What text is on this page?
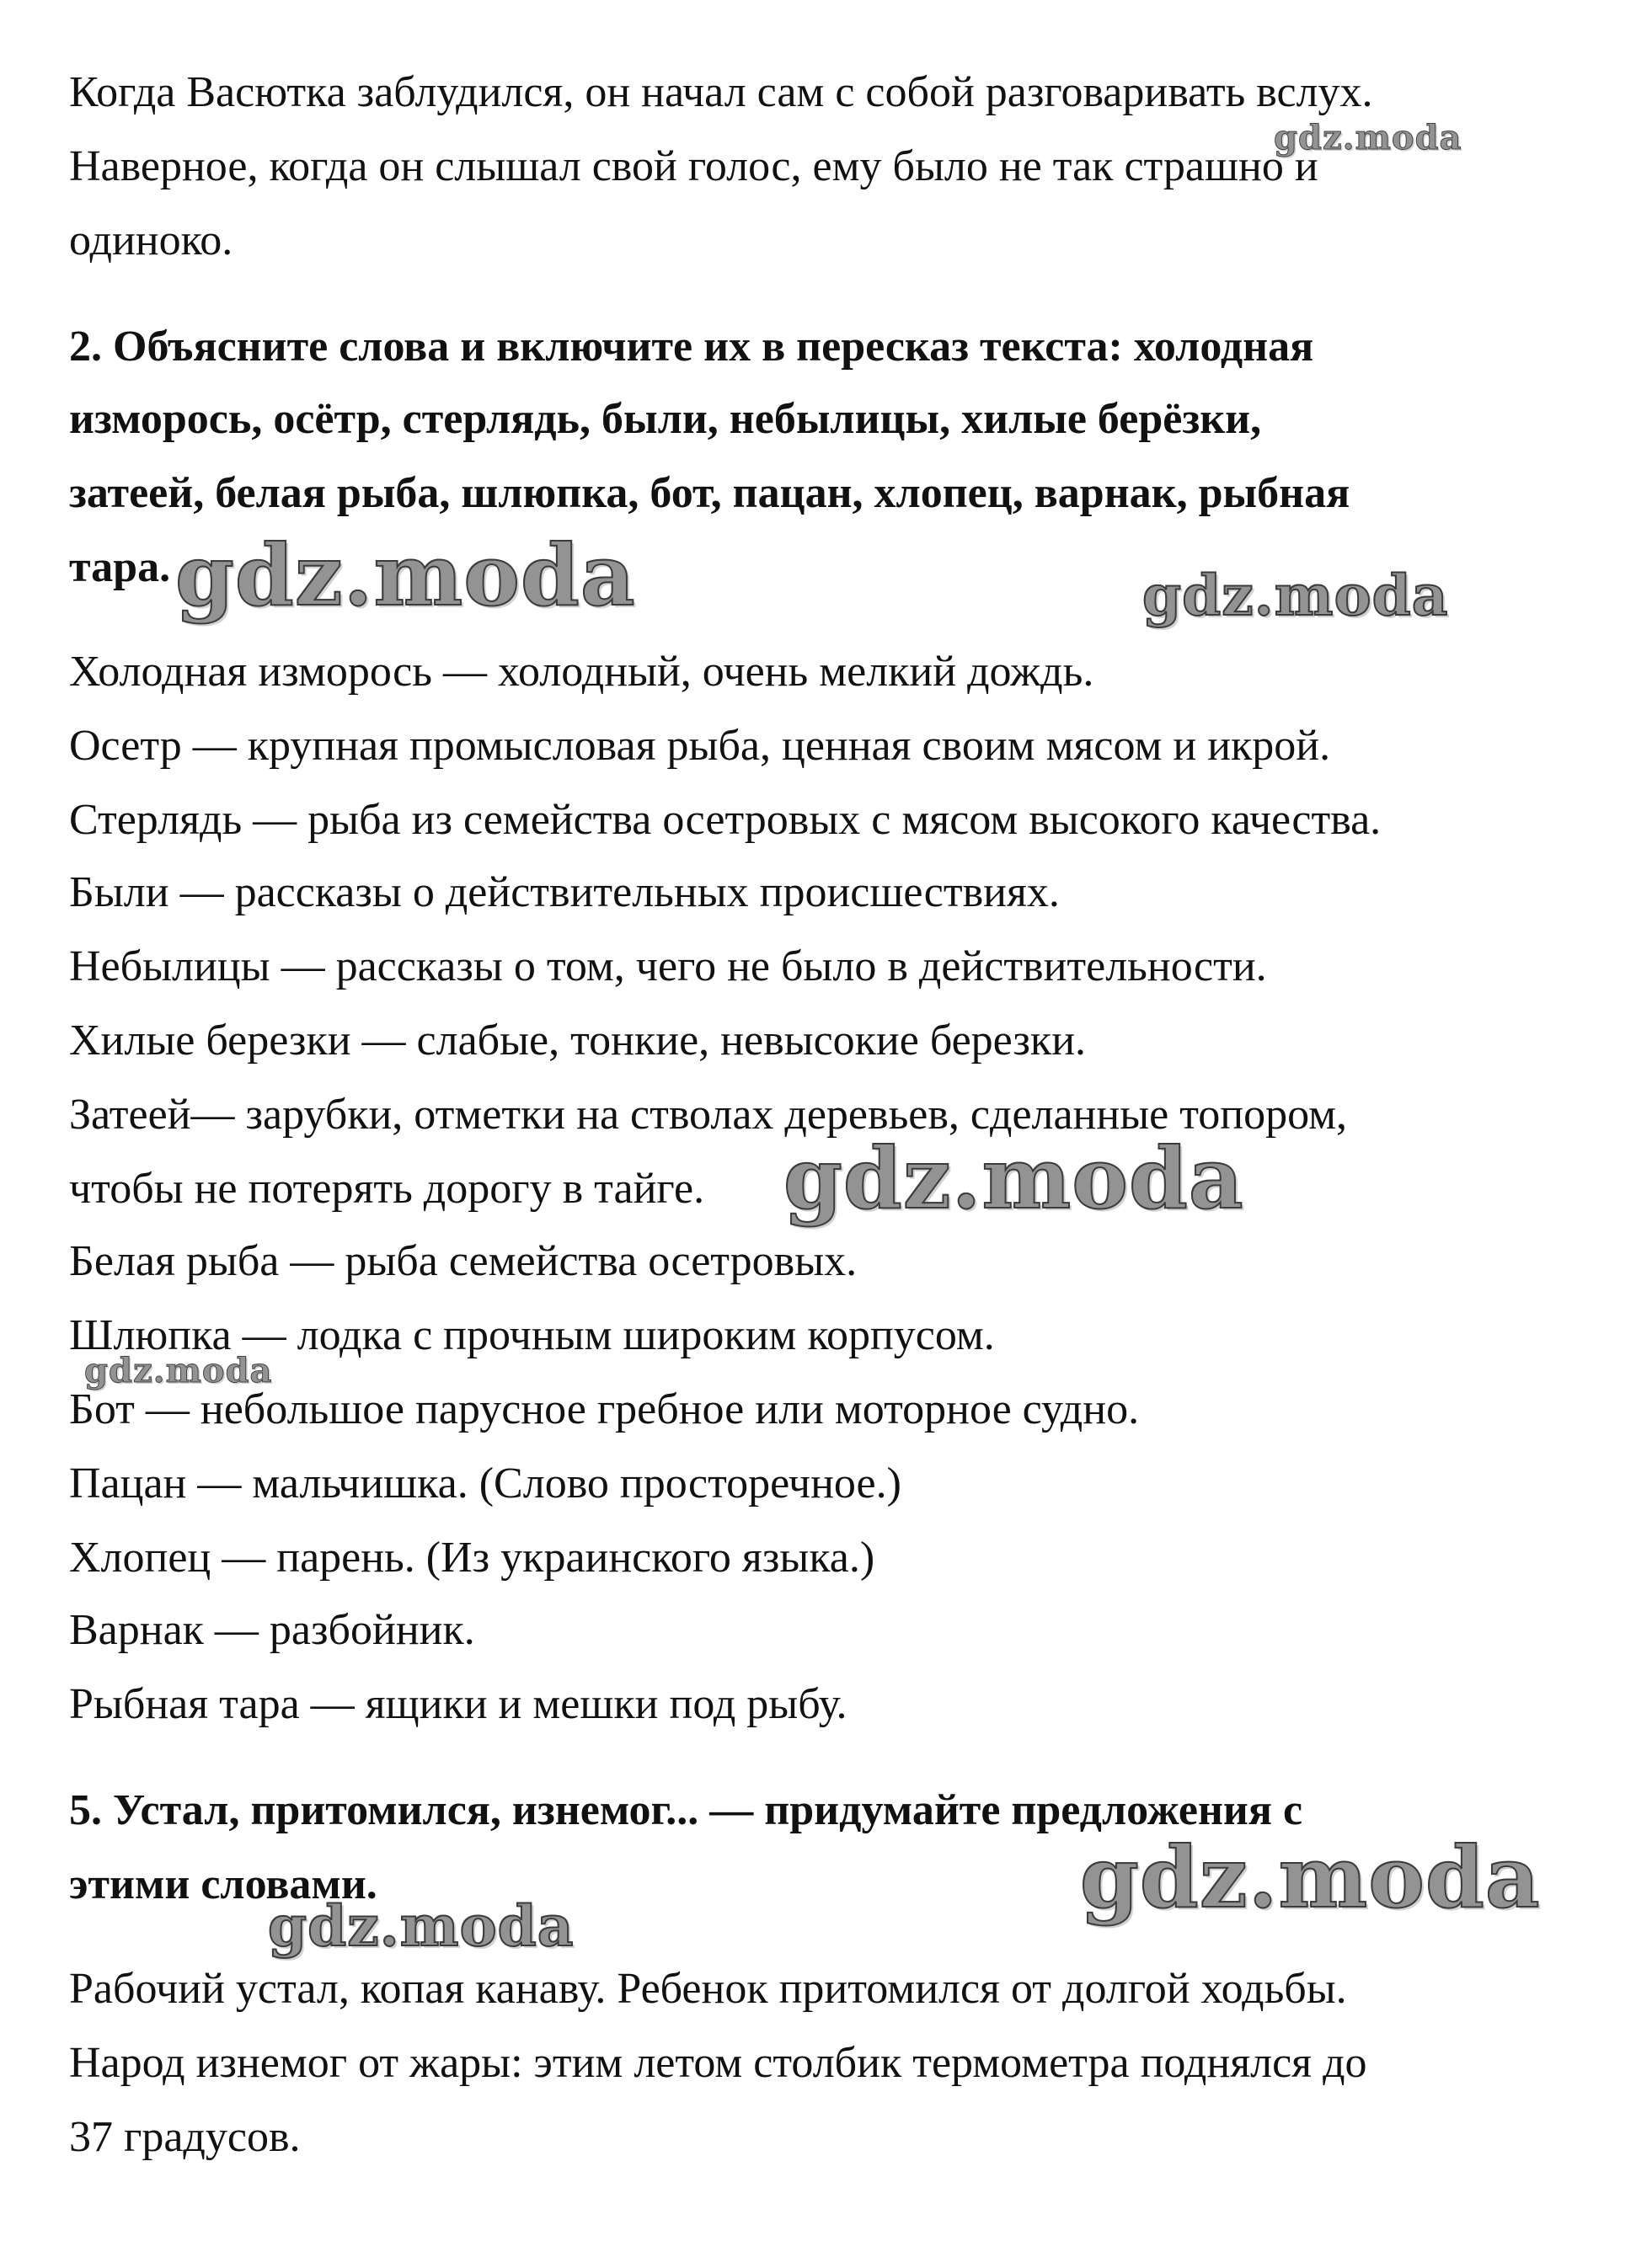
Когда Васютка заблудился, он начал сам с собой разговаривать вслух.
Наверное, когда он слышал свой голос, ему было не так страшно и
одиноко.
2. Объясните слова и включите их в пересказ текста: холодная
изморось, осётр, стерлядь, были, небылицы, хилые берёзки,
затеей, белая рыба, шлюпка, бот, пацан, хлопец, варнак, рыбная
тара.
Холодная изморось — холодный, очень мелкий дождь.
Осетр — крупная промысловая рыба, ценная своим мясом и икрой.
Стерлядь — рыба из семейства осетровых с мясом высокого качества.
Были — рассказы о действительных происшествиях.
Небылицы — рассказы о том, чего не было в действительности.
Хилые березки — слабые, тонкие, невысокие березки.
Затеей— зарубки, отметки на стволах деревьев, сделанные топором,
чтобы не потерять дорогу в тайге.
Белая рыба — рыба семейства осетровых.
Шлюпка — лодка с прочным широким корпусом.
Бот — небольшое парусное гребное или моторное судно.
Пацан — мальчишка. (Слово просторечное.)
Хлопец — парень. (Из украинского языка.)
Варнак — разбойник.
Рыбная тара — ящики и мешки под рыбу.
5. Устал, притомился, изнемог... — придумайте предложения с
этими словами.
Рабочий устал, копая канаву. Ребенок притомился от долгой ходьбы.
Народ изнемог от жары: этим летом столбик термометра поднялся до
37 градусов.
gdz.moda
gdz.moda	gdz.moda
gdz.moda
gdz.moda
gdz.moda
gdz.moda
